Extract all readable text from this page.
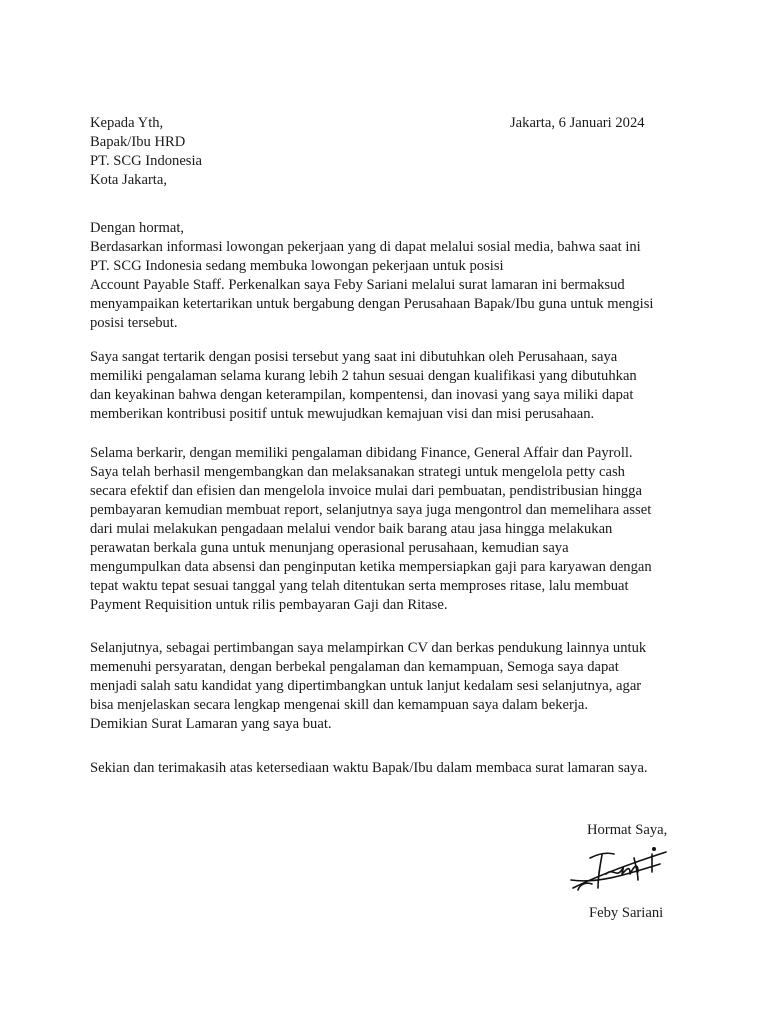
Kepada Yth,
Bapak/Ibu HRD
PT. SCG Indonesia
Kota Jakarta,
Jakarta, 6 Januari 2024
Dengan hormat,
Berdasarkan informasi lowongan pekerjaan yang di dapat melalui sosial media, bahwa saat ini
PT. SCG Indonesia sedang membuka lowongan pekerjaan untuk posisi
Account Payable Staff. Perkenalkan saya Feby Sariani melalui surat lamaran ini bermaksud
menyampaikan ketertarikan untuk bergabung dengan Perusahaan Bapak/Ibu guna untuk mengisi
posisi tersebut.
Saya sangat tertarik dengan posisi tersebut yang saat ini dibutuhkan oleh Perusahaan, saya
memiliki pengalaman selama kurang lebih 2 tahun sesuai dengan kualifikasi yang dibutuhkan
dan keyakinan bahwa dengan keterampilan, kompentensi, dan inovasi yang saya miliki dapat
memberikan kontribusi positif untuk mewujudkan kemajuan visi dan misi perusahaan.
Selama berkarir, dengan memiliki pengalaman dibidang Finance, General Affair dan Payroll.
Saya telah berhasil mengembangkan dan melaksanakan strategi untuk mengelola petty cash
secara efektif dan efisien dan mengelola invoice mulai dari pembuatan, pendistribusian hingga
pembayaran kemudian membuat report, selanjutnya saya juga mengontrol dan memelihara asset
dari mulai melakukan pengadaan melalui vendor baik barang atau jasa hingga melakukan
perawatan berkala guna untuk menunjang operasional perusahaan, kemudian saya
mengumpulkan data absensi dan penginputan ketika mempersiapkan gaji para karyawan dengan
tepat waktu tepat sesuai tanggal yang telah ditentukan serta memproses ritase, lalu membuat
Payment Requisition untuk rilis pembayaran Gaji dan Ritase.
Selanjutnya, sebagai pertimbangan saya melampirkan CV dan berkas pendukung lainnya untuk
memenuhi persyaratan, dengan berbekal pengalaman dan kemampuan, Semoga saya dapat
menjadi salah satu kandidat yang dipertimbangkan untuk lanjut kedalam sesi selanjutnya, agar
bisa menjelaskan secara lengkap mengenai skill dan kemampuan saya dalam bekerja.
Demikian Surat Lamaran yang saya buat.
Sekian dan terimakasih atas ketersediaan waktu Bapak/Ibu dalam membaca surat lamaran saya.
Hormat Saya,
Feby Sariani
